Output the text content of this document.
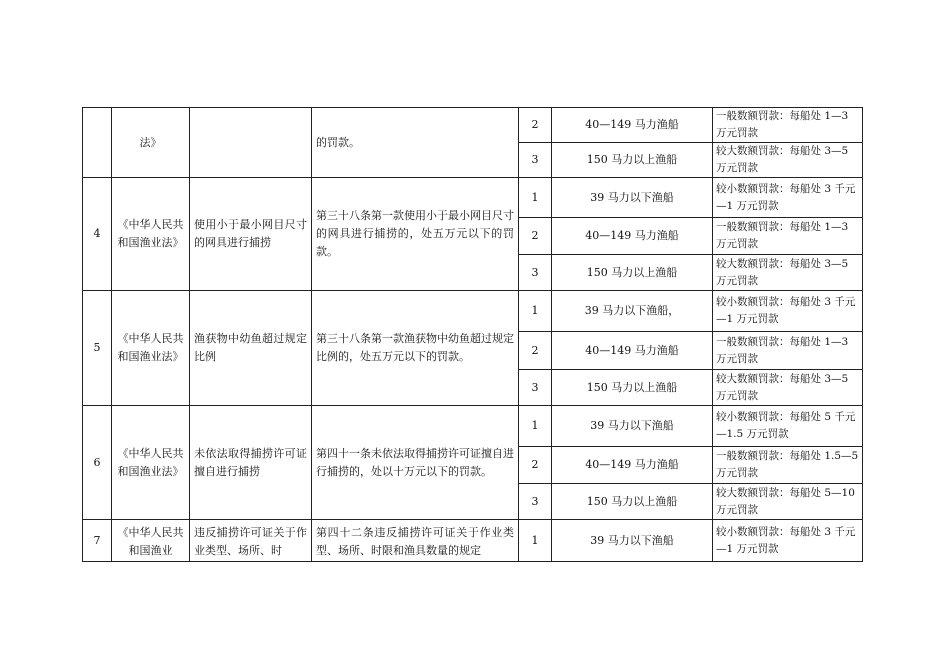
	法》		的罚款。	2	40—149 马力渔船	一般数额罚款：每船处 1—3 万元罚款
				3	150 马力以上渔船	较大数额罚款：每船处 3—5 万元罚款
4	《中华人民共和国渔业法》	使用小于最小网目尺寸的网具进行捕捞	第三十八条第一款使用小于最小网目尺寸的网具进行捕捞的，处五万元以下的罚款。	1	39 马力以下渔船	较小数额罚款：每船处 3 千元—1 万元罚款
				2	40—149 马力渔船	一般数额罚款：每船处 1—3 万元罚款
				3	150 马力以上渔船	较大数额罚款：每船处 3—5 万元罚款
5	《中华人民共和国渔业法》	渔获物中幼鱼超过规定比例	第三十八条第一款渔获物中幼鱼超过规定比例的，处五万元以下的罚款。	1	39 马力以下渔船，	较小数额罚款：每船处 3 千元—1 万元罚款
				2	40—149 马力渔船	一般数额罚款：每船处 1—3 万元罚款
				3	150 马力以上渔船	较大数额罚款：每船处 3—5 万元罚款
6	《中华人民共和国渔业法》	未依法取得捕捞许可证擅自进行捕捞	第四十一条未依法取得捕捞许可证擅自进行捕捞的，处以十万元以下的罚款。	1	39 马力以下渔船	较小数额罚款：每船处 5 千元—1.5 万元罚款
				2	40—149 马力渔船	一般数额罚款：每船处 1.5—5 万元罚款
				3	150 马力以上渔船	较大数额罚款：每船处 5—10 万元罚款
7	《中华人民共和国渔业	违反捕捞许可证关于作业类型、场所、时	第四十二条违反捕捞许可证关于作业类型、场所、时限和渔具数量的规定	1	39 马力以下渔船	较小数额罚款：每船处 3 千元—1 万元罚款
